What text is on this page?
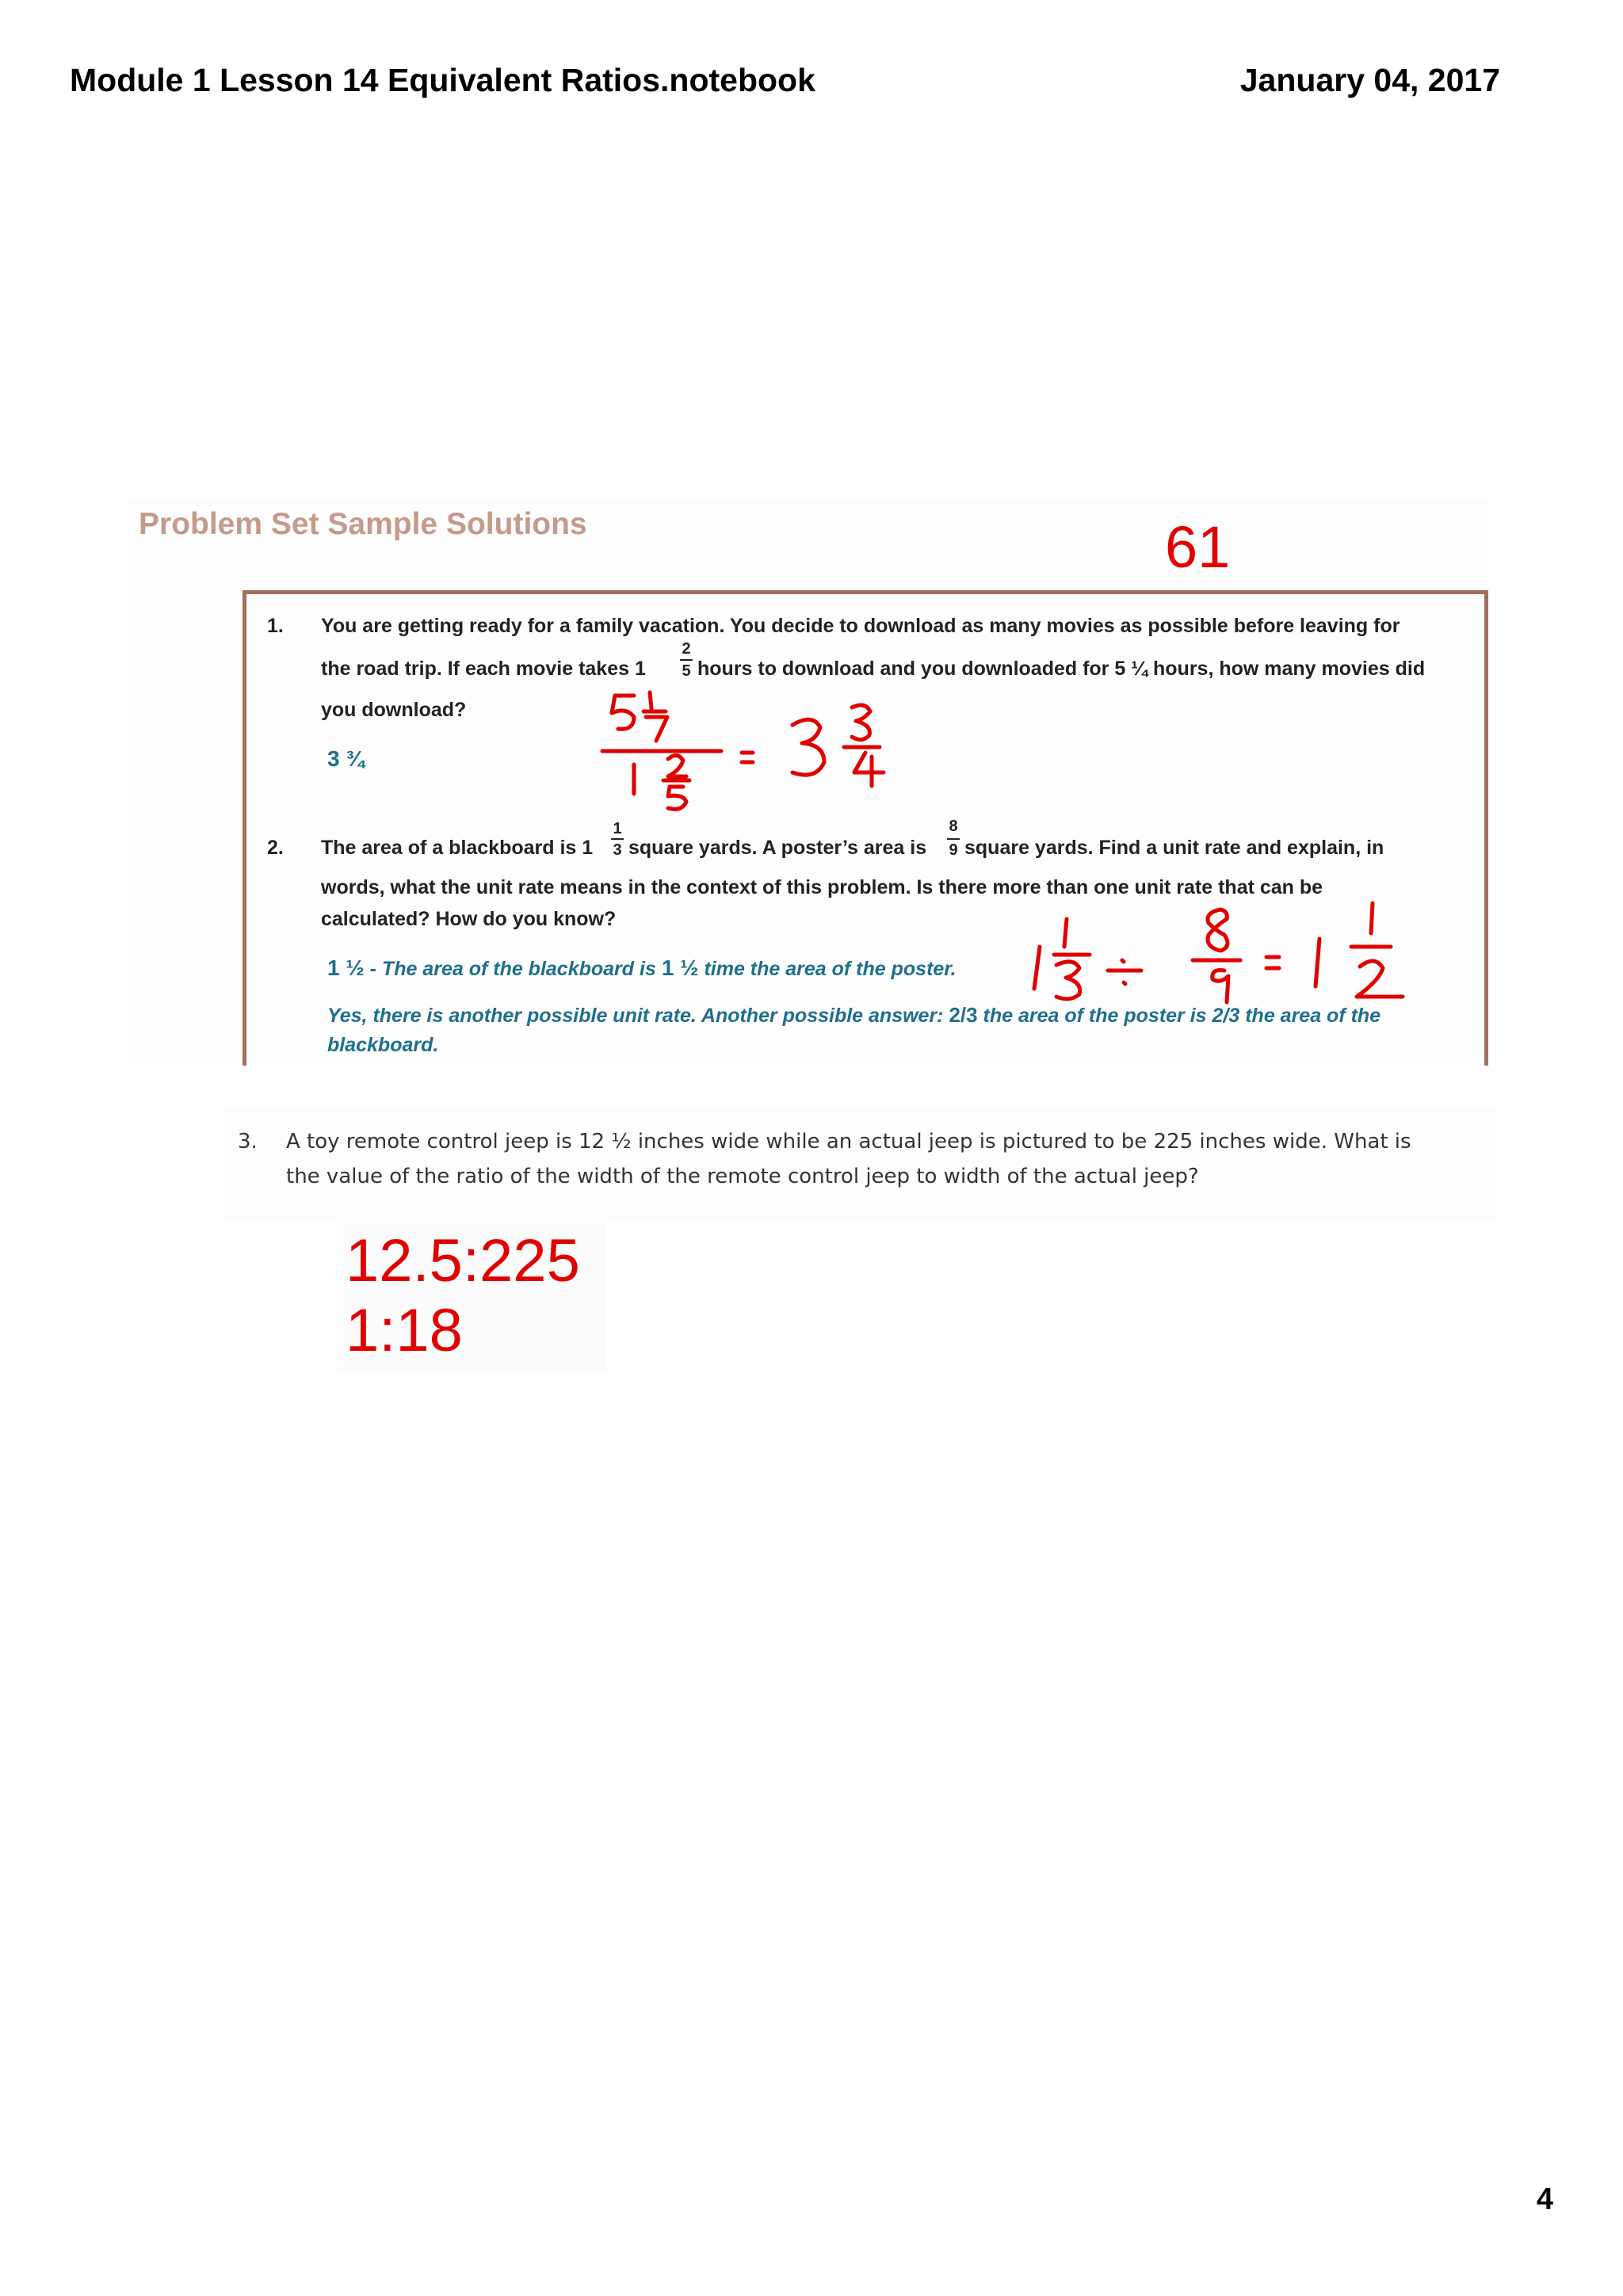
Module 1 Lesson 14 Equivalent Ratios.notebook	January 04, 2017
Problem Set Sample Solutions
1. You are getting ready for a family vacation. You decide to download as many movies as possible before leaving for
the road trip. If each movie takes 1
2
5 hours to download and you downloaded for 5 ¼ hours, how many movies did
you download?
3 ¾
2. The area of a blackboard is 1
1
3 square yards. A poster’s area is
8
9 square yards. Find a unit rate and explain, in
words, what the unit rate means in the context of this problem. Is there more than one unit rate that can be
calculated? How do you know?
1 ½ - The area of the blackboard is 1 ½ time the area of the poster.
Yes, there is another possible unit rate. Another possible answer: 2/3 the area of the poster is 2/3 the area of the
blackboard.
3. A toy remote control jeep is 12 ½ inches wide while an actual jeep is pictured to be 225 inches wide. What is
the value of the ratio of the width of the remote control jeep to width of the actual jeep?
61
12.5:225
1:18
4
